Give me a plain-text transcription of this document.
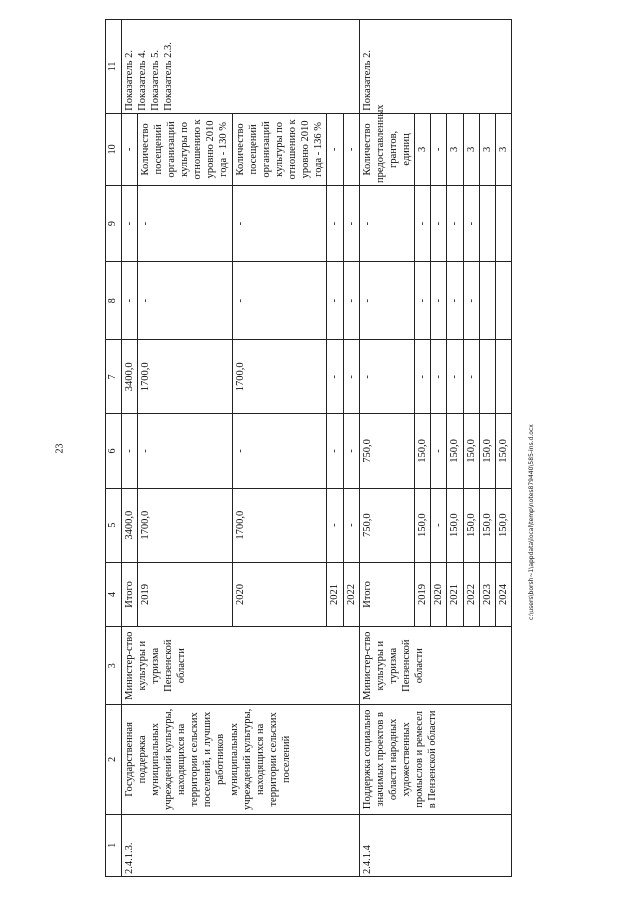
23
1	2	3	4	5	6	7	8	9	10	11
2.4.1.3.	Государственная поддержка муниципальных учреждений культуры, находящихся на территории сельских поселений, и лучших работников муниципальных учреждений культуры, находящихся на территории сельских поселений	Министер-ство культуры и туризма Пензенской области	Итого	3400,0	-	3400,0	-	-	-	Показатель 2. Показатель 4. Показатель 5. Показатель 2.3.
			2019	1700,0	-	1700,0	-	-	Количество посещений организаций культуры по отношению к уровню 2010 года - 130 %	
			2020	1700,0	-	1700,0	-	-	Количество посещений организаций культуры по отношению к уровню 2010 года - 136 %	
			2021	-	-	-	-	-	-	
			2022	-	-	-	-	-	-	
2.4.1.4	Поддержка социально значимых проектов в области народных художественных промыслов и ремесел в Пензенской области	Министер-ство культуры и туризма Пензенской области	Итого	750,0	750,0	-	-	-	Количество предоставленных грантов, единиц	Показатель 2.
			2019	150,0	150,0	-	-	-	3	
			2020	-	-	-	-	-	-	
			2021	150,0	150,0	-	-	-	3	
			2022	150,0	150,0	-	-	-	3	
			2023	150,0	150,0				3	
			2024	150,0	150,0				3	
c:\users\borsh~1\appdata\local\temp\notes879440\585-ins.d.ocx
